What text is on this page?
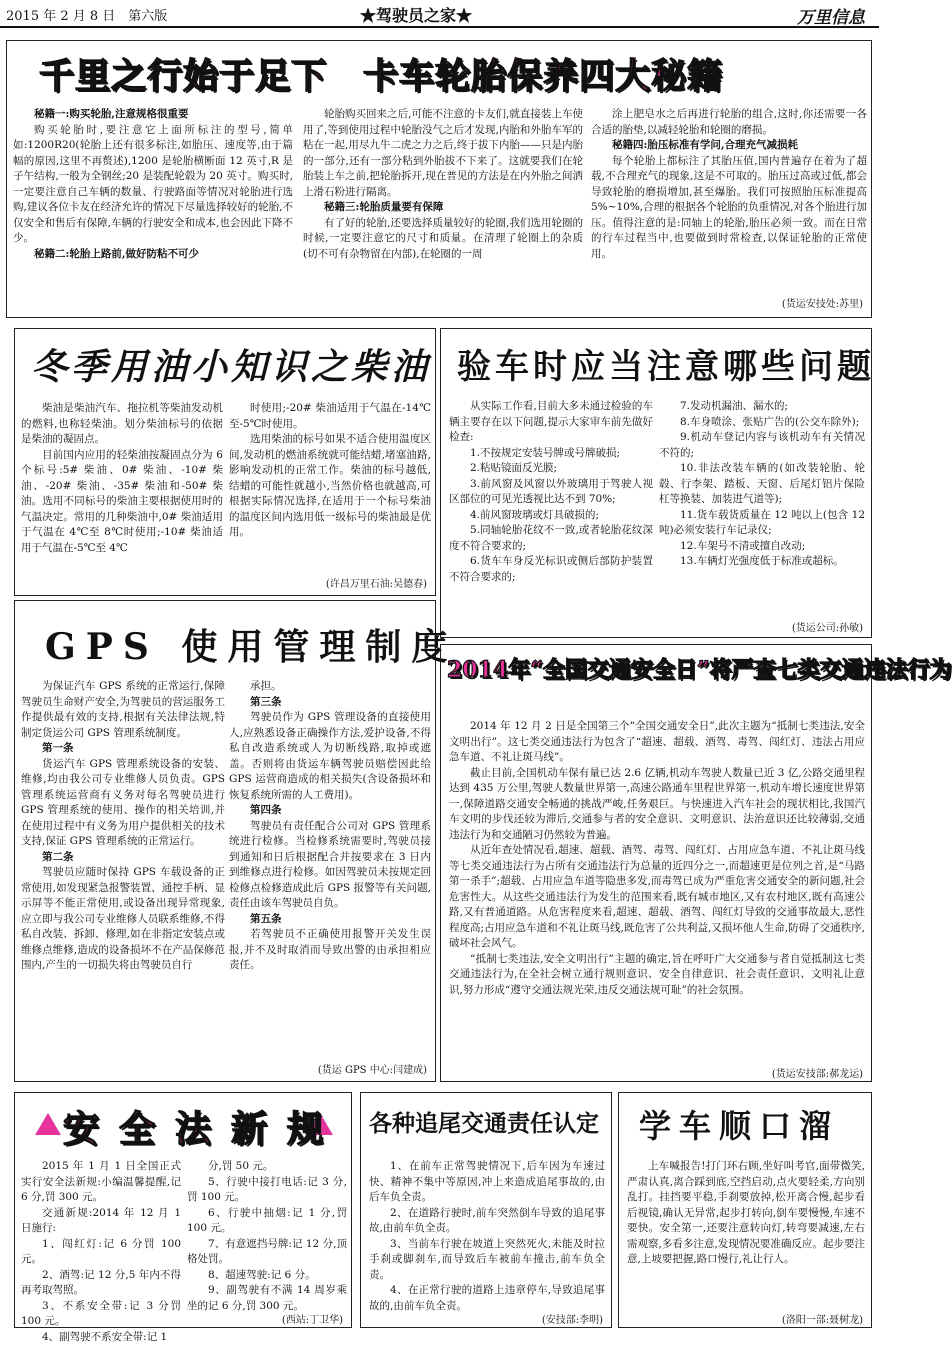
2015 年 2 月 8 日　第六版	★驾驶员之家★	万里信息
千里之行始于足下　卡车轮胎保养四大秘籍

秘籍一:购买轮胎,注意规格很重要

购买轮胎时,要注意它上面所标注的型号,简单如:1200R20(轮胎上还有很多标注,如胎压、速度等,由于篇幅的原因,这里不再赘述),1200 是轮胎横断面 12 英寸,R 是子午结构,一般为全钢丝;20 是装配轮毂为 20 英寸。购买时,一定要注意自己车辆的数量、行驶路面等情况对轮胎进行选购,建议各位卡友在经济允许的情况下尽量选择较好的轮胎,不仅安全和售后有保障,车辆的行驶安全和成本,也会因此下降不少。

秘籍二:轮胎上路前,做好防粘不可少

轮胎购买回来之后,可能不注意的卡友们,就直接装上车使用了,等到使用过程中轮胎没气之后才发现,内胎和外胎车军的粘在一起,用尽九牛二虎之力之后,终于拔下内胎——只是内胎的一部分,还有一部分粘到外胎拔不下来了。这就要我们在轮胎装上车之前,把轮胎拆开,现在普见的方法是在内外胎之间洒上滑石粉进行隔离。

秘籍三:轮胎质量要有保障

有了好的轮胎,还要选择质量较好的轮圈,我们选用轮圈的时候,一定要注意它的尺寸和质量。在清理了轮圈上的杂质(切不可有杂物留在内部),在轮圈的一周

涂上肥皂水之后再进行轮胎的组合,这时,你还需要一各合适的胎垫,以减轻轮胎和轮圈的磨损。

秘籍四:胎压标准有学问,合理充气减损耗

每个轮胎上都标注了其胎压值,国内普遍存在着为了超载,不合理充气的现象,这是不可取的。胎压过高或过低,都会导致轮胎的磨损增加,甚至爆胎。我们可按照胎压标准提高 5%~10%,合理的根据各个轮胎的负重情况,对各个胎进行加压。值得注意的是:同轴上的轮胎,胎压必须一致。而在日常的行车过程当中,也要做到时常检查,以保证轮胎的正常使用。

(货运安技处:苏里)
冬季用油小知识之柴油

柴油是柴油汽车、拖拉机等柴油发动机的燃料,也称轻柴油。划分柴油标号的依据是柴油的凝固点。

目前国内应用的轻柴油按凝固点分为 6 个标号:5# 柴油、0# 柴油、-10# 柴油、-20# 柴油、-35# 柴油和-50# 柴油。选用不同标号的柴油主要根据使用时的气温决定。常用的几种柴油中,0# 柴油适用于气温在 4℃至 8℃时使用;-10# 柴油适用于气温在-5℃至 4℃

时使用;-20# 柴油适用于气温在-14℃至-5℃时使用。

选用柴油的标号如果不适合使用温度区间,发动机的燃油系统就可能结蜡,堵塞油路,影响发动机的正常工作。柴油的标号越低,结蜡的可能性就越小,当然价格也就越高,可根据实际情况选择,在适用于一个标号柴油的温度区间内选用低一级标号的柴油最是优用。

(许昌万里石油:吴德春)
验车时应当注意哪些问题

从实际工作看,目前大多未通过检验的车辆主要存在以下问题,提示大家审车前先做好检查:

1.不按规定安装号牌或号牌破损;

2.粘贴镜面反光膜;

3.前风窗及风窗以外玻璃用于驾驶人视区部位的可见光透视比达不到 70%;

4.前风窗玻璃或灯具破损的;

5.同轴轮胎花纹不一致,或者轮胎花纹深度不符合要求的;

6.货车车身反光标识或侧后部防护装置不符合要求的;

7.发动机漏油、漏水的;

8.车身喷涂、张贴广告的(公交车除外);

9.机动车登记内容与该机动车有关情况不符的;

10.非法改装车辆的(如改装轮胎、轮毂、行李架、踏板、天窗、后尾灯铝片保险杠等换装、加装进气道等);

11.货车载货质量在 12 吨以上(包含 12 吨)必须安装行车记录仪;

12.车架号不清或擅自改动;

13.车辆灯光强度低于标准或超标。

(货运公司:孙敏)
GPS 使用管理制度

为保证汽车 GPS 系统的正常运行,保障驾驶员生命财产安全,为驾驶员的营运服务工作提供最有效的支持,根据有关法律法规,特制定货运公司 GPS 管理系统制度。

第一条

货运汽车 GPS 管理系统设备的安装、维修,均由我公司专业维修人员负责。GPS 管理系统运营商有义务对每名驾驶员进行 GPS 管理系统的使用、操作的相关培训,并在使用过程中有义务为用户提供相关的技术支持,保证 GPS 管理系统的正常运行。

第二条

驾驶员应随时保持 GPS 车载设备的正常使用,如发现紧急报警装置、通控手柄、显示屏等不能正常使用,或设备出现异常现象,应立即与我公司专业维修人员联系维修,不得私自改装、拆卸、修理,如在非指定安装点或维修点维修,造成的设备损坏不在产品保修范围内,产生的一切损失将由驾驶员自行

承担。

第三条

驾驶员作为 GPS 管理设备的直接使用人,应熟悉设备正确操作方法,爱护设备,不得私自改造系统或人为切断线路,取掉或遮盖。否则将由货运车辆驾驶员赔偿因此给 GPS 运营商造成的相关损失(含设备损坏和恢复系统所需的人工费用)。

第四条

驾驶员有责任配合公司对 GPS 管理系统进行检修。当检修系统需要时,驾驶员接到通知和日后根据配合并按要求在 3 日内到维修点进行检修。如因驾驶员未按规定回检修点检修造成此后 GPS 报警等有关问题,责任由该车驾驶员自负。

第五条

若驾驶员不正确使用报警开关发生误报,并不及时取消而导致出警的由承担相应责任。

(货运 GPS 中心:闫建成)
2014年“全国交通安全日”将严查七类交通违法行为

2014 年 12 月 2 日是全国第三个“全国交通安全日”,此次主题为“抵制七类违法,安全文明出行”。这七类交通违法行为包含了“超速、超载、酒驾、毒驾、闯红灯、违法占用应急车道、不礼让斑马线”。

截止目前,全国机动车保有量已达 2.6 亿辆,机动车驾驶人数量已近 3 亿,公路交通里程达到 435 万公里,驾驶人数量世界第一,高速公路通车里程世界第一,机动车增长速度世界第一,保障道路交通安全畅通的挑战严峻,任务艰巨。与快速进入汽车社会的现状相比,我国汽车文明的步伐还较为滞后,交通参与者的安全意识、文明意识、法治意识还比较薄弱,交通违法行为和交通陋习仍然较为普遍。

从近年查处情况看,超速、超载、酒驾、毒驾、闯红灯、占用应急车道、不礼让斑马线等七类交通违法行为占所有交通违法行为总量的近四分之一,而超速更是位列之首,是“马路第一杀手”;超载、占用应急车道等隐患多发,而毒驾已成为严重危害交通安全的新问题,社会危害性大。从这些交通违法行为发生的范围来看,既有城市地区,又有农村地区,既有高速公路,又有普通道路。从危害程度来看,超速、超载、酒驾、闯红灯导致的交通事故最大,恶性程度高;占用应急车道和不礼让斑马线,既危害了公共利益,又损坏他人生命,防碍了交通秩序,破坏社会风气。

“抵制七类违法,安全文明出行”主题的确定,旨在呼吁广大交通参与者自觉抵制这七类交通违法行为,在全社会树立通行规则意识、安全自律意识、社会责任意识、文明礼让意识,努力形成“遵守交通法规光荣,违反交通法规可耻”的社会氛围。

(货运安技部:郝龙运)
安全法新规

2015 年 1 月 1 日全国正式实行安全法新规:小编温馨提醒,记 6 分,罚 300 元。

交通新规:2014 年 12 月 1 日施行:

1、闯红灯:记 6 分罚 100 元。

2、酒驾:记 12 分,5 年内不得再考取驾照。

3、不系安全带:记 3 分罚 100 元。

4、副驾驶不系安全带:记 1

分,罚 50 元。

5、行驶中接打电话:记 3 分,罚 100 元。

6、行驶中抽烟:记 1 分,罚 100 元。

7、有意遮挡号牌:记 12 分,顶格处罚。

8、超速驾驶:记 6 分。

9、副驾驶有不满 14 周岁乘坐的记 6 分,罚 300 元。

(西站:丁卫华)
各种追尾交通责任认定

1、在前车正常驾驶情况下,后车因为车速过快、精神不集中等原因,冲上来造成追尾事故的,由后车负全责。

2、在道路行驶时,前车突然倒车导致的追尾事故,由前车负全责。

3、当前车行驶在坡道上突然死火,未能及时拉手刹或脚刹车,而导致后车被前车撞击,前车负全责。

4、在正常行驶的道路上违章停车,导致追尾事故的,由前车负全责。

(安技部:李明)
学车顺口溜

上车喊报告!打门环右顾,坐好叫考官,面带微笑,严肃认真,离合踩到底,空挡启动,点火要轻柔,方向别乱打。挂挡要平稳,手刹要放掉,松开离合慢,起步看后视镜,确认无异常,起步打转向,倒车要慢慢,车速不要快。安全第一,还要注意转向灯,转弯要减速,左右需观察,多看多注意,发现情况要准确反应。起步要注意,上坡要把握,路口慢行,礼让行人。

(洛阳一部:聂树龙)
